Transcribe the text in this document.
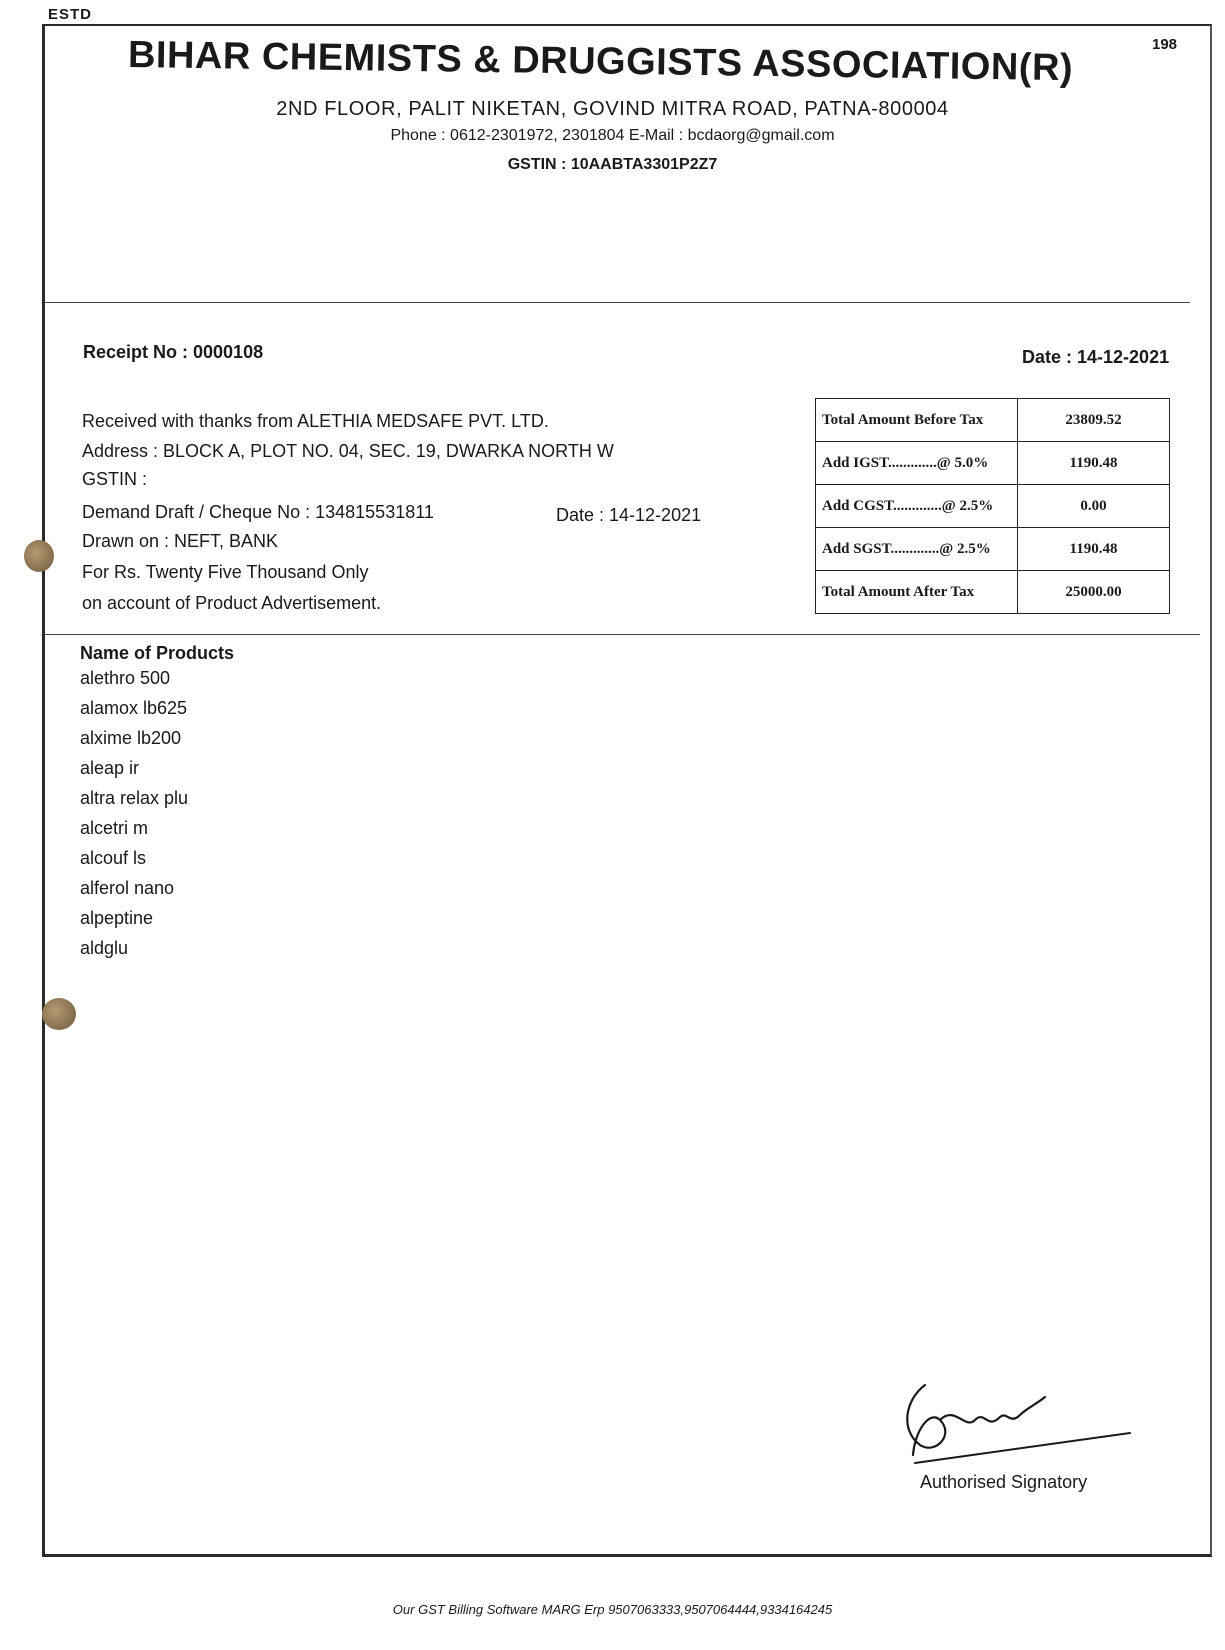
ESTD
198
BIHAR CHEMISTS & DRUGGISTS ASSOCIATION(R)
2ND FLOOR, PALIT NIKETAN, GOVIND MITRA ROAD, PATNA-800004
Phone : 0612-2301972, 2301804 E-Mail : bcdaorg@gmail.com
GSTIN : 10AABTA3301P2Z7
Receipt No : 0000108	Date : 14-12-2021
Received with thanks from ALETHIA MEDSAFE PVT. LTD.
Address : BLOCK A, PLOT NO. 04, SEC. 19, DWARKA NORTH W
GSTIN :
Demand Draft / Cheque No : 134815531811	Date : 14-12-2021
Drawn on : NEFT, BANK
For Rs. Twenty Five Thousand Only
on account of Product Advertisement.
Total Amount Before Tax	23809.52
Add IGST.............@ 5.0%	1190.48
Add CGST.............@ 2.5%	0.00
Add SGST.............@ 2.5%	1190.48
Total Amount After Tax	25000.00
Name of Products
alethro 500
alamox lb625
alxime lb200
aleap ir
altra relax plu
alcetri m
alcouf ls
alferol nano
alpeptine
aldglu
Authorised Signatory
Our GST Billing Software MARG Erp 9507063333,9507064444,9334164245
